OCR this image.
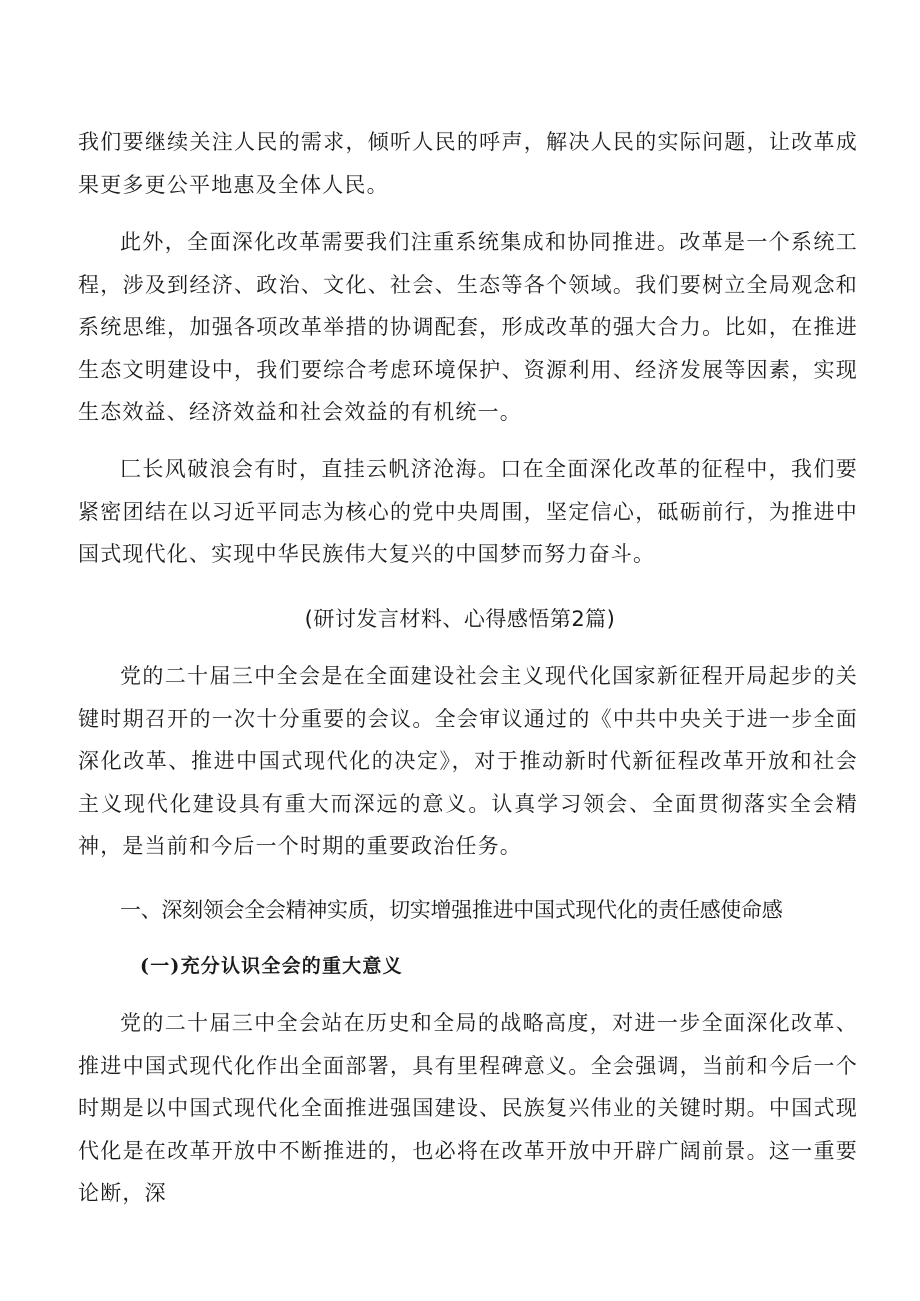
我们要继续关注人民的需求，倾听人民的呼声，解决人民的实际问题，让改革成果更多更公平地惠及全体人民。

此外，全面深化改革需要我们注重系统集成和协同推进。改革是一个系统工程，涉及到经济、政治、文化、社会、生态等各个领域。我们要树立全局观念和系统思维，加强各项改革举措的协调配套，形成改革的强大合力。比如，在推进生态文明建设中，我们要综合考虑环境保护、资源利用、经济发展等因素，实现生态效益、经济效益和社会效益的有机统一。

匚长风破浪会有时，直挂云帆济沧海。口在全面深化改革的征程中，我们要紧密团结在以习近平同志为核心的党中央周围，坚定信心，砥砺前行，为推进中国式现代化、实现中华民族伟大复兴的中国梦而努力奋斗。

(研讨发言材料、心得感悟第2篇)

党的二十届三中全会是在全面建设社会主义现代化国家新征程开局起步的关键时期召开的一次十分重要的会议。全会审议通过的《中共中央关于进一步全面深化改革、推进中国式现代化的决定》，对于推动新时代新征程改革开放和社会主义现代化建设具有重大而深远的意义。认真学习领会、全面贯彻落实全会精神，是当前和今后一个时期的重要政治任务。

一、深刻领会全会精神实质，切实增强推进中国式现代化的责任感使命感
(一)充分认识全会的重大意义

党的二十届三中全会站在历史和全局的战略高度，对进一步全面深化改革、推进中国式现代化作出全面部署，具有里程碑意义。全会强调，当前和今后一个时期是以中国式现代化全面推进强国建设、民族复兴伟业的关键时期。中国式现代化是在改革开放中不断推进的，也必将在改革开放中开辟广阔前景。这一重要论断，深
